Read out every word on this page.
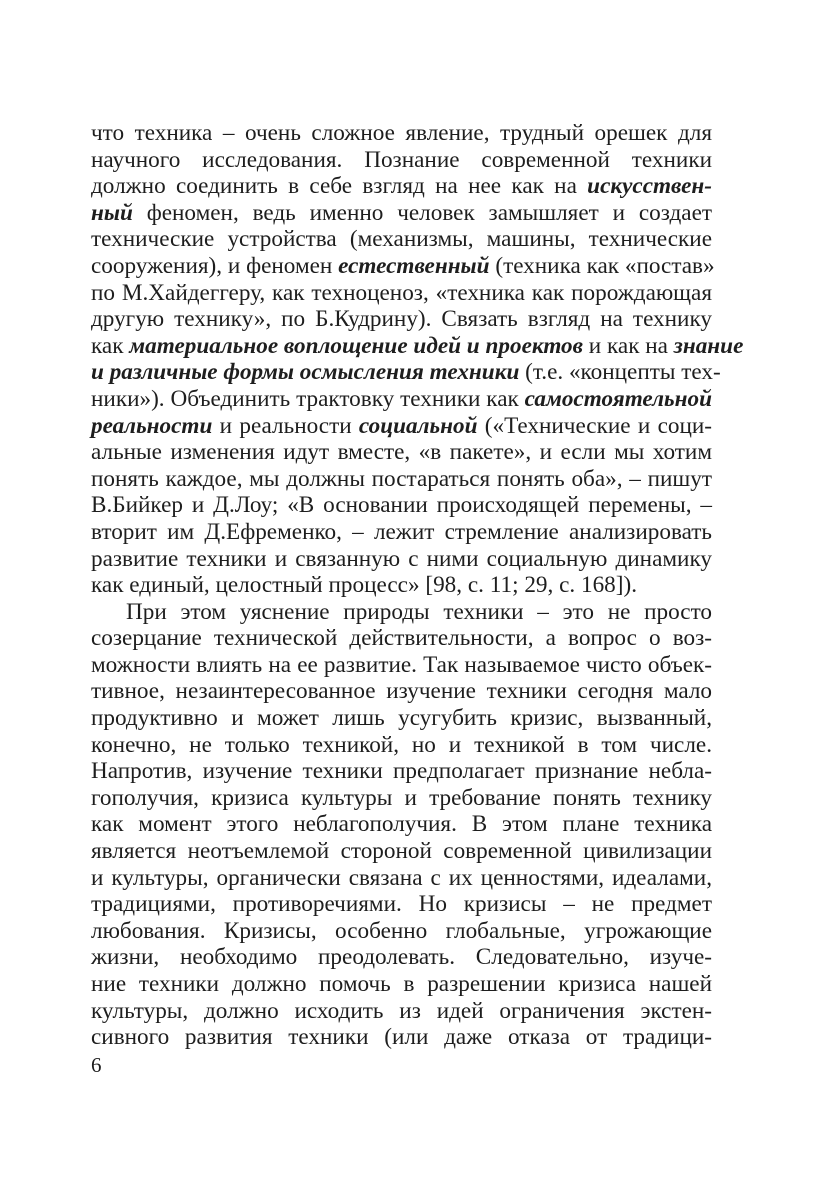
что техника – очень сложное явление, трудный орешек для
научного исследования. Познание современной техники
должно соединить в себе взгляд на нее как на искусствен-
ный феномен, ведь именно человек замышляет и создает
технические устройства (механизмы, машины, технические
сооружения), и феномен естественный (техника как «постав»
по М.Хайдеггеру, как техноценоз, «техника как порождающая
другую технику», по Б.Кудрину). Связать взгляд на технику
как материальное воплощение идей и проектов и как на знание
и различные формы осмысления техники (т.е. «концепты тех-
ники»). Объединить трактовку техники как самостоятельной
реальности и реальности социальной («Технические и соци-
альные изменения идут вместе, «в пакете», и если мы хотим
понять каждое, мы должны постараться понять оба», – пишут
В.Бийкер и Д.Лоу; «В основании происходящей перемены, –
вторит им Д.Ефременко, – лежит стремление анализировать
развитие техники и связанную с ними социальную динамику
как единый, целостный процесс» [98, с. 11; 29, с. 168]).

При этом уяснение природы техники – это не просто
созерцание технической действительности, а вопрос о воз-
можности влиять на ее развитие. Так называемое чисто объек-
тивное, незаинтересованное изучение техники сегодня мало
продуктивно и может лишь усугубить кризис, вызванный,
конечно, не только техникой, но и техникой в том числе.
Напротив, изучение техники предполагает признание небла-
гополучия, кризиса культуры и требование понять технику
как момент этого неблагополучия. В этом плане техника
является неотъемлемой стороной современной цивилизации
и культуры, органически связана с их ценностями, идеалами,
традициями, противоречиями. Но кризисы – не предмет
любования. Кризисы, особенно глобальные, угрожающие
жизни, необходимо преодолевать. Следовательно, изуче-
ние техники должно помочь в разрешении кризиса нашей
культуры, должно исходить из идей ограничения экстен-
сивного развития техники (или даже отказа от традици-

6
